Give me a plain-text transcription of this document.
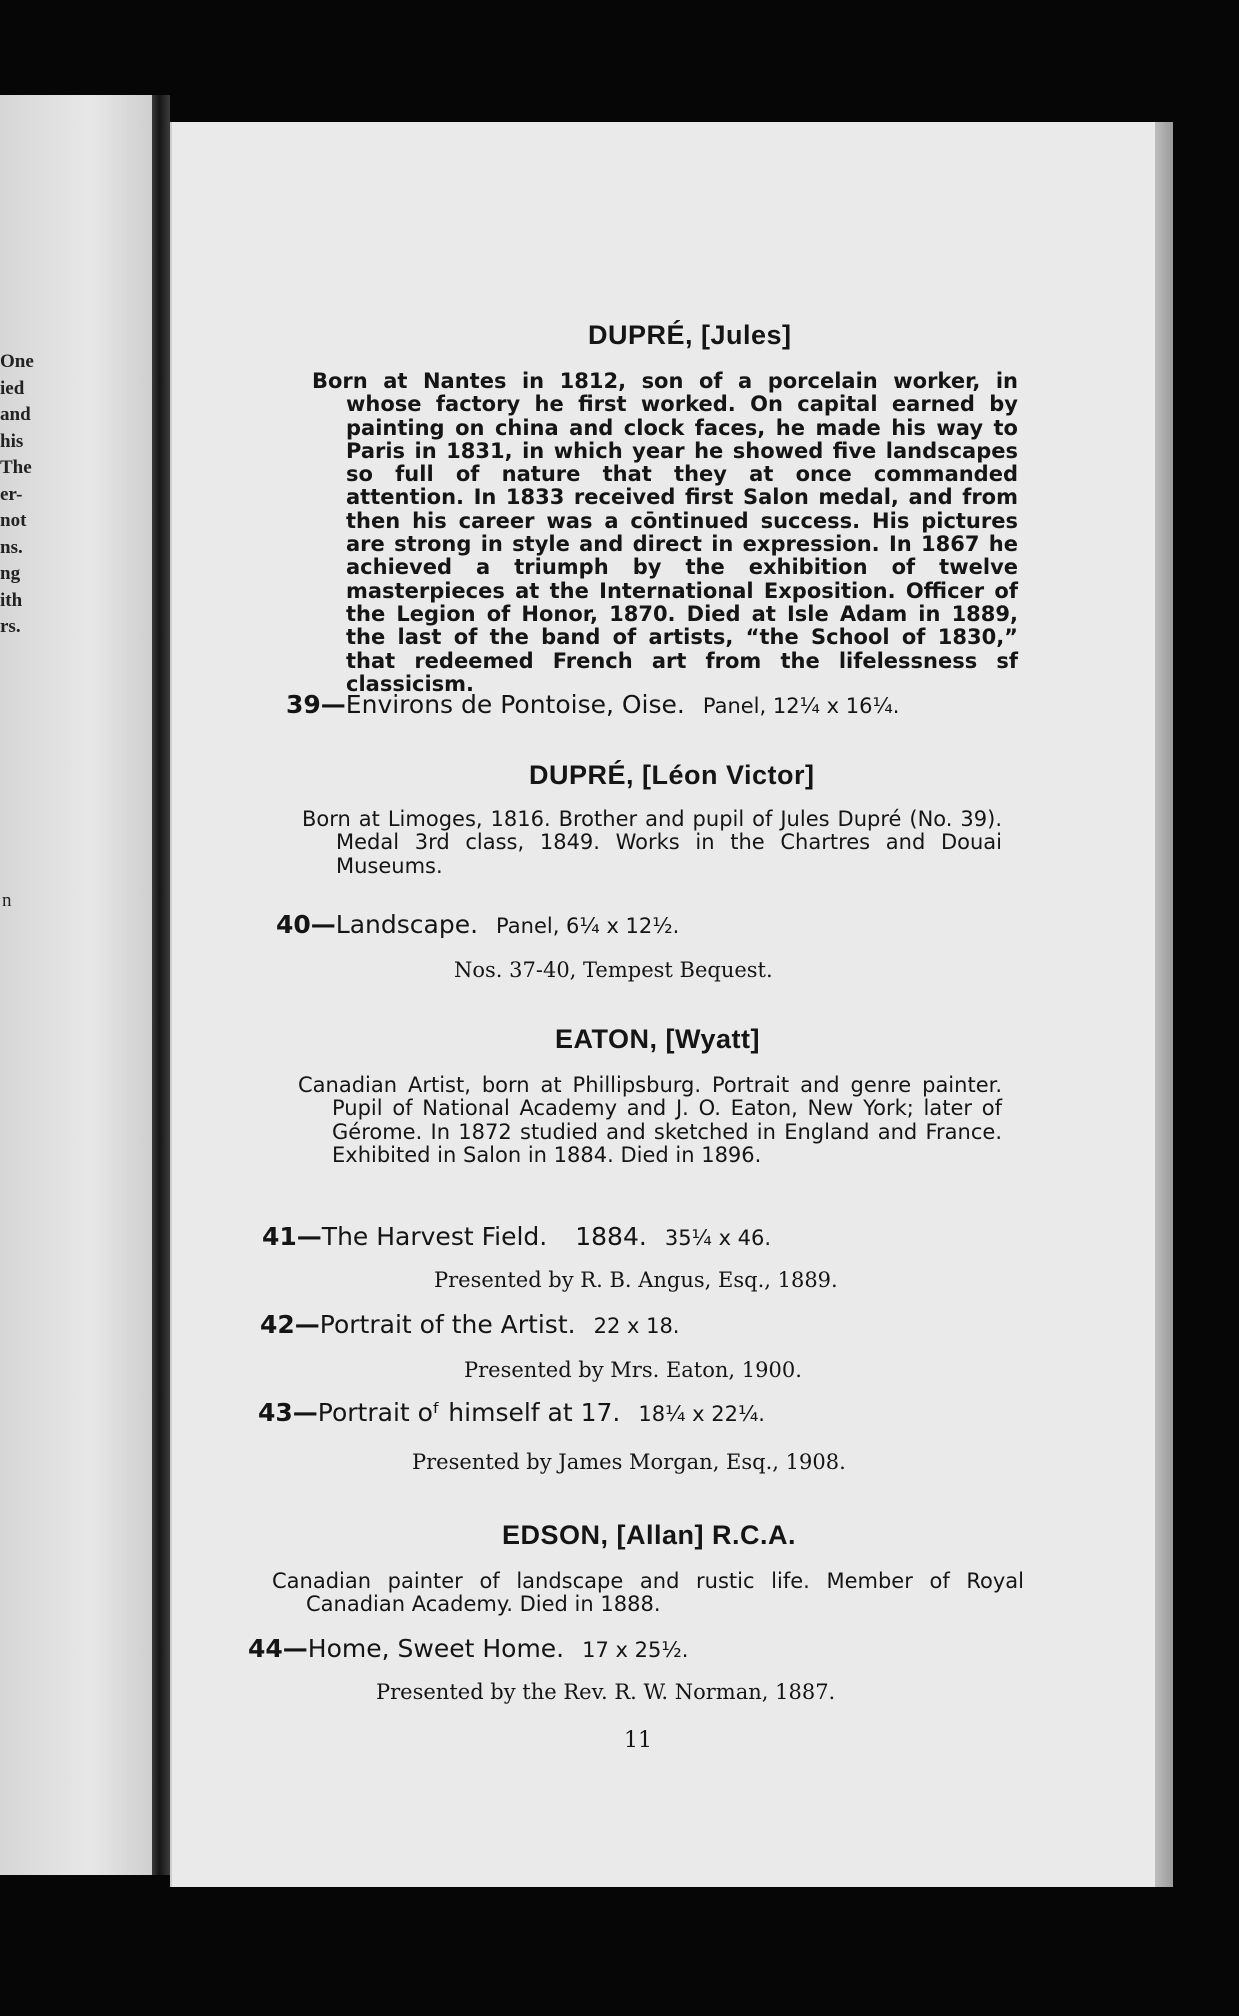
One
ied
and
his
The
er-
not
ns.
ng
ith
rs.
n
DUPRÉ, [Jules]
Born at Nantes in 1812, son of a porcelain worker, in whose factory he first worked. On capital earned by painting on china and clock faces, he made his way to Paris in 1831, in which year he showed five landscapes so full of nature that they at once commanded attention. In 1833 received first Salon medal, and from then his career was a cōntinued success. His pictures are strong in style and direct in expression. In 1867 he achieved a triumph by the exhibition of twelve masterpieces at the International Exposition. Officer of the Legion of Honor, 1870. Died at Isle Adam in 1889, the last of the band of artists, “the School of 1830,” that redeemed French art from the lifelessness sf classicism.
39—Environs de Pontoise, Oise. Panel, 12¼ x 16¼.
DUPRÉ, [Léon Victor]
Born at Limoges, 1816. Brother and pupil of Jules Dupré (No. 39). Medal 3rd class, 1849. Works in the Chartres and Douai Museums.
40—Landscape. Panel, 6¼ x 12½.
Nos. 37-40, Tempest Bequest.
EATON, [Wyatt]
Canadian Artist, born at Phillipsburg. Portrait and genre painter. Pupil of National Academy and J. O. Eaton, New York; later of Gérome. In 1872 studied and sketched in England and France. Exhibited in Salon in 1884. Died in 1896.
41—The Harvest Field. 1884. 35¼ x 46.
Presented by R. B. Angus, Esq., 1889.
42—Portrait of the Artist. 22 x 18.
Presented by Mrs. Eaton, 1900.
43—Portrait oᶠ himself at 17. 18¼ x 22¼.
Presented by James Morgan, Esq., 1908.
EDSON, [Allan] R.C.A.
Canadian painter of landscape and rustic life. Member of Royal Canadian Academy. Died in 1888.
44—Home, Sweet Home. 17 x 25½.
Presented by the Rev. R. W. Norman, 1887.
11
